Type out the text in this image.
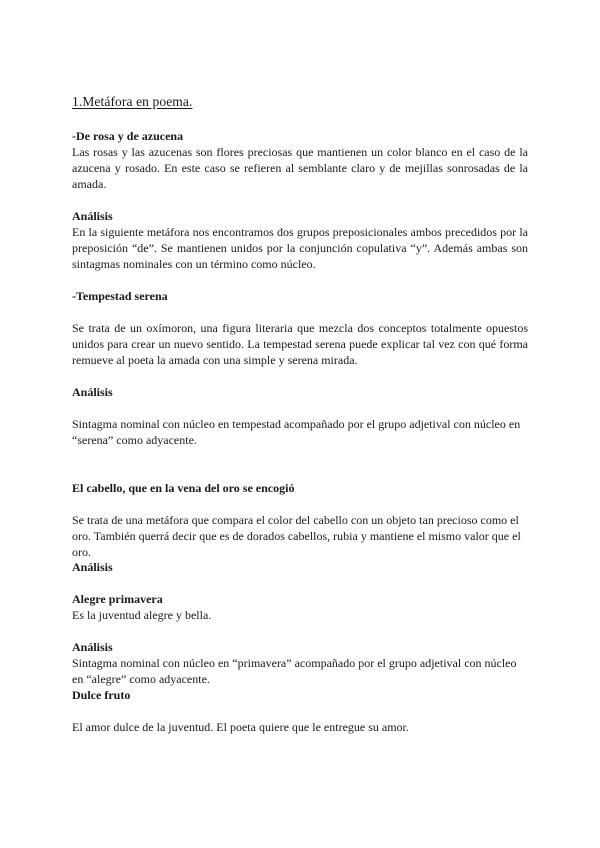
1.Metáfora en poema.

-De rosa y de azucena

Las rosas y las azucenas son flores preciosas que mantienen un color blanco en el caso de la azucena y rosado. En este caso se refieren al semblante claro y de mejillas sonrosadas de la amada.

Análisis

En la siguiente metáfora nos encontramos dos grupos preposicionales ambos precedidos por la preposición “de”. Se mantienen unidos por la conjunción copulativa “y”. Además ambas son sintagmas nominales con un término como núcleo.

-Tempestad serena

Se trata de un oxímoron, una figura literaria que mezcla dos conceptos totalmente opuestos unidos para crear un nuevo sentido. La tempestad serena puede explicar tal vez con qué forma remueve al poeta la amada con una simple y serena mirada.

Análisis

Sintagma nominal con núcleo en tempestad acompañado por el grupo adjetival con núcleo en “serena” como adyacente.

El cabello, que en la vena del oro se encogió

Se trata de una metáfora que compara el color del cabello con un objeto tan precioso como el oro. También querrá decir que es de dorados cabellos, rubia y mantiene el mismo valor que el oro.

Análisis

Alegre primavera

Es la juventud alegre y bella.

Análisis

Sintagma nominal con núcleo en “primavera” acompañado por el grupo adjetival con núcleo en “alegre” como adyacente.

Dulce fruto

El amor dulce de la juventud. El poeta quiere que le entregue su amor.
